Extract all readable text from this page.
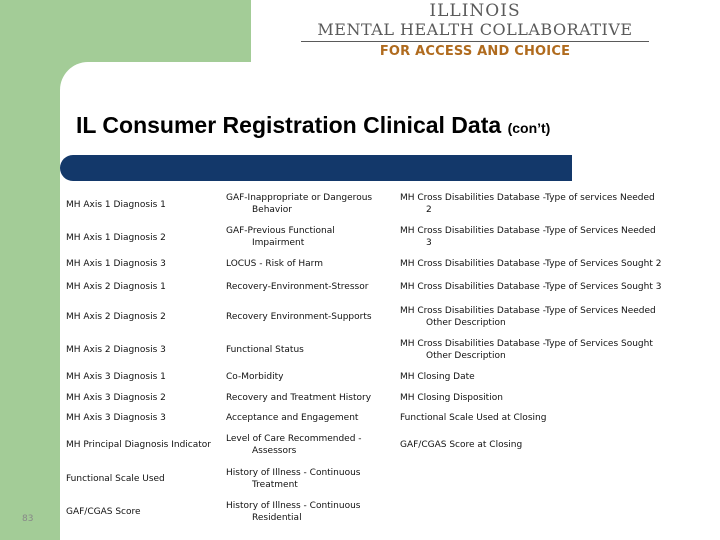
ILLINOIS
MENTAL HEALTH COLLABORATIVE
FOR ACCESS AND CHOICE
IL Consumer Registration Clinical Data (con’t)
MH Axis 1 Diagnosis 1
MH Axis 1 Diagnosis 2
MH Axis 1 Diagnosis 3
MH Axis 2 Diagnosis 1
MH Axis 2 Diagnosis 2
MH Axis 2 Diagnosis 3
MH Axis 3 Diagnosis 1
MH Axis 3 Diagnosis 2
MH Axis 3 Diagnosis 3
MH Principal Diagnosis Indicator
Functional Scale Used
GAF/CGAS Score
GAF-Inappropriate or Dangerous
Behavior
GAF-Previous Functional
Impairment
LOCUS - Risk of Harm
Recovery-Environment-Stressor
Recovery Environment-Supports
Functional Status
Co-Morbidity
Recovery and Treatment History
Acceptance and Engagement
Level of Care Recommended -
Assessors
History of Illness - Continuous
Treatment
History of Illness - Continuous
Residential
MH Cross Disabilities Database -Type of services Needed
2
MH Cross Disabilities Database -Type of Services Needed
3
MH Cross Disabilities Database -Type of Services Sought 2
MH Cross Disabilities Database -Type of Services Sought 3
MH Cross Disabilities Database -Type of Services Needed
Other Description
MH Cross Disabilities Database -Type of Services Sought
Other Description
MH Closing Date
MH Closing Disposition
Functional Scale Used at Closing
GAF/CGAS Score at Closing
83
